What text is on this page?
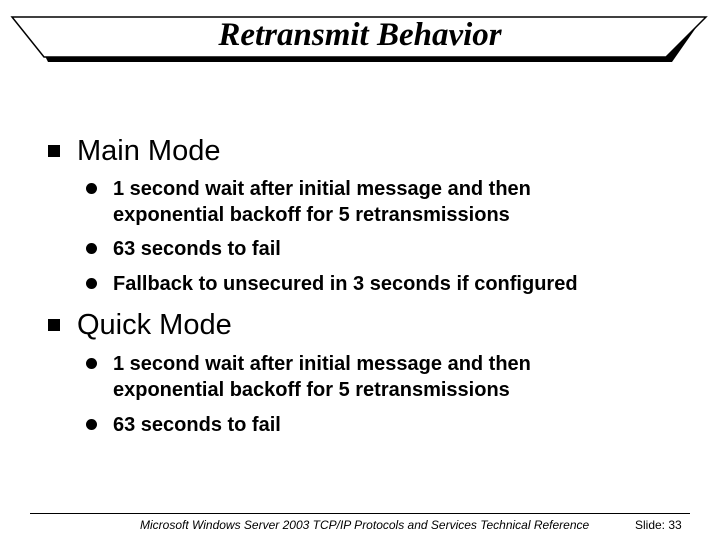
Retransmit Behavior
Main Mode
1 second wait after initial message and then
exponential backoff for 5 retransmissions
63 seconds to fail
Fallback to unsecured in 3 seconds if configured
Quick Mode
1 second wait after initial message and then
exponential backoff for 5 retransmissions
63 seconds to fail
Microsoft Windows Server 2003 TCP/IP Protocols and Services Technical Reference	Slide: 33
